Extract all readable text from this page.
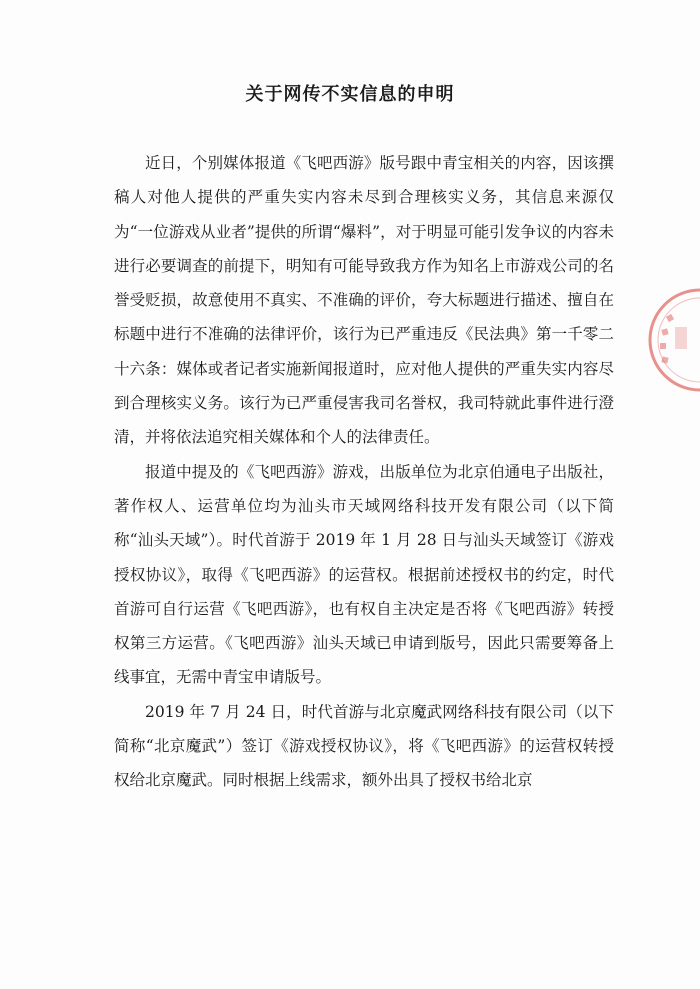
关于网传不实信息的申明

近日，个别媒体报道《飞吧西游》版号跟中青宝相关的内容，因该撰稿人对他人提供的严重失实内容未尽到合理核实义务，其信息来源仅为“一位游戏从业者”提供的所谓“爆料”，对于明显可能引发争议的内容未进行必要调查的前提下，明知有可能导致我方作为知名上市游戏公司的名誉受贬损，故意使用不真实、不准确的评价，夸大标题进行描述、擅自在标题中进行不准确的法律评价，该行为已严重违反《民法典》第一千零二十六条：媒体或者记者实施新闻报道时，应对他人提供的严重失实内容尽到合理核实义务。该行为已严重侵害我司名誉权，我司特就此事件进行澄清，并将依法追究相关媒体和个人的法律责任。

报道中提及的《飞吧西游》游戏，出版单位为北京伯通电子出版社，著作权人、运营单位均为汕头市天域网络科技开发有限公司（以下简称“汕头天域”）。时代首游于 2019 年 1 月 28 日与汕头天域签订《游戏授权协议》，取得《飞吧西游》的运营权。根据前述授权书的约定，时代首游可自行运营《飞吧西游》，也有权自主决定是否将《飞吧西游》转授权第三方运营。《飞吧西游》汕头天域已申请到版号，因此只需要筹备上线事宜，无需中青宝申请版号。

2019 年 7 月 24 日，时代首游与北京魔武网络科技有限公司（以下简称“北京魔武”）签订《游戏授权协议》，将《飞吧西游》的运营权转授权给北京魔武。同时根据上线需求，额外出具了授权书给北京
